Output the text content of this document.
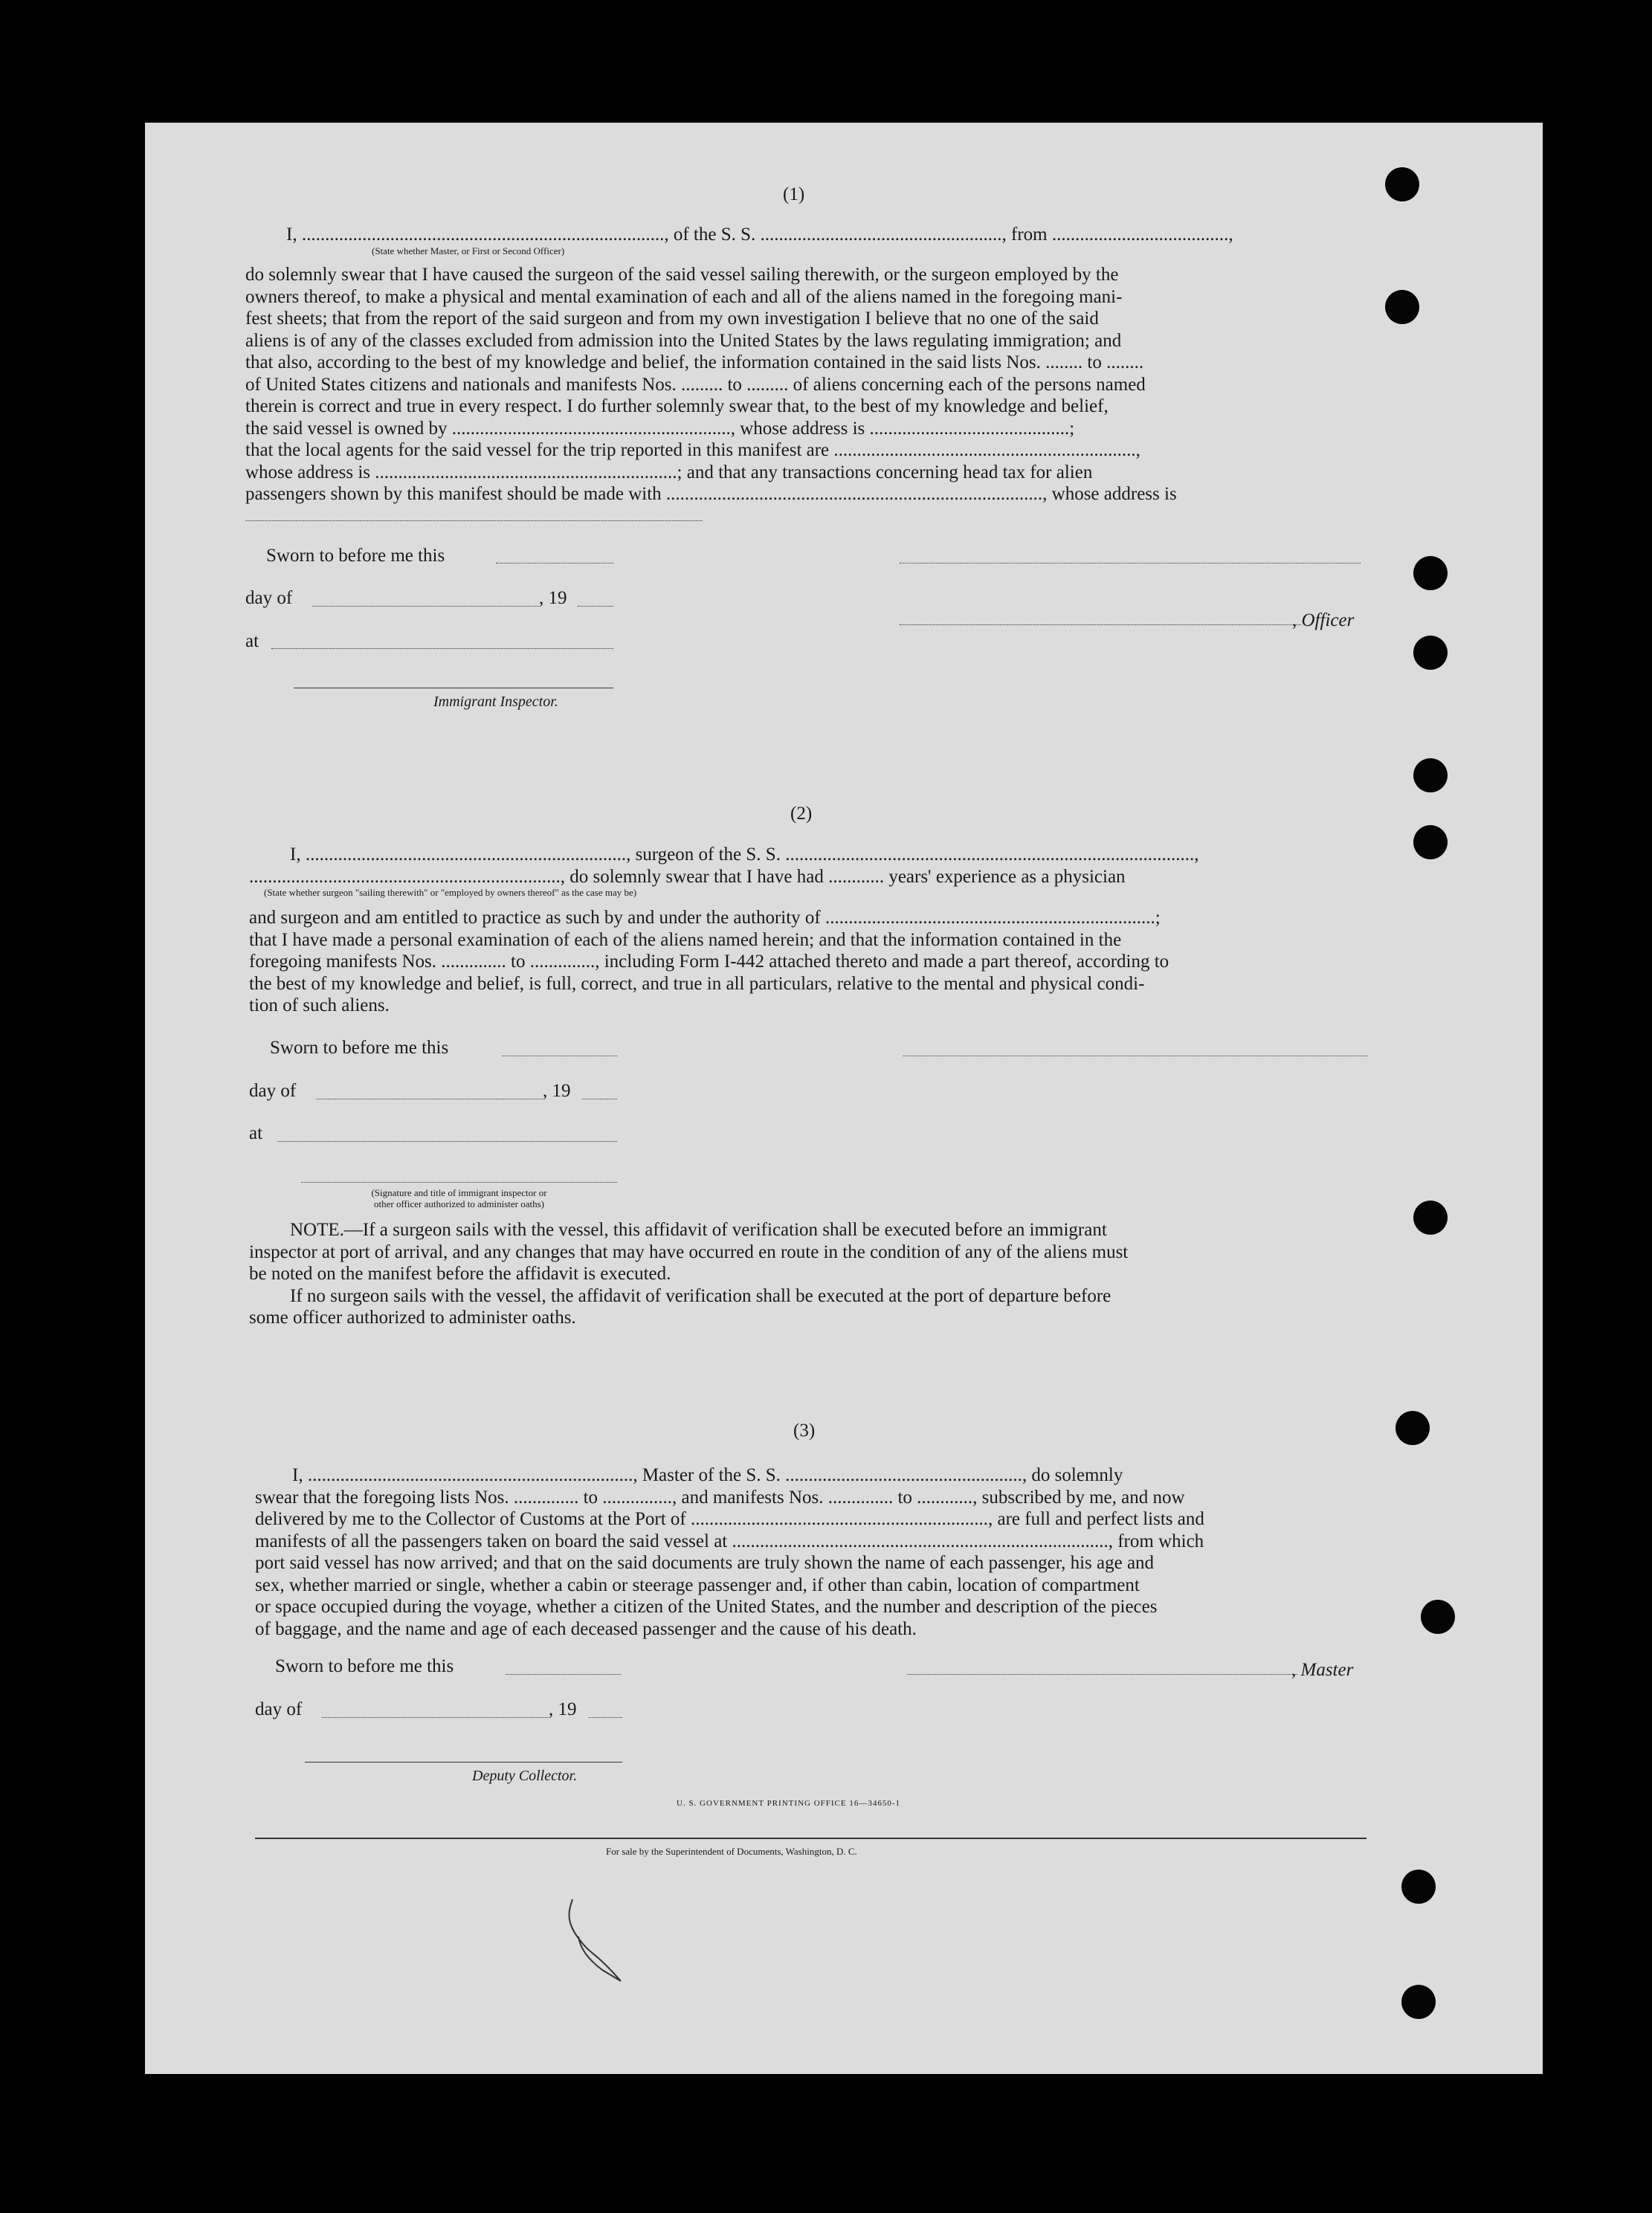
(1)
I, .............................................................................., of the S. S. ...................................................., from ......................................,
(State whether Master, or First or Second Officer)
do solemnly swear that I have caused the surgeon of the said vessel sailing therewith, or the surgeon employed by the
owners thereof, to make a physical and mental examination of each and all of the aliens named in the foregoing mani-
fest sheets; that from the report of the said surgeon and from my own investigation I believe that no one of the said
aliens is of any of the classes excluded from admission into the United States by the laws regulating immigration; and
that also, according to the best of my knowledge and belief, the information contained in the said lists Nos. ........ to ........
of United States citizens and nationals and manifests Nos. ......... to ......... of aliens concerning each of the persons named
therein is correct and true in every respect. I do further solemnly swear that, to the best of my knowledge and belief,
the said vessel is owned by ............................................................, whose address is ...........................................;
that the local agents for the said vessel for the trip reported in this manifest are .................................................................,
whose address is .................................................................; and that any transactions concerning head tax for alien
passengers shown by this manifest should be made with ................................................................................., whose address is
Sworn to before me this
day of	, 19
, Officer
at
Immigrant Inspector.
(2)
I, ....................................................................., surgeon of the S. S. ........................................................................................,
..................................................................., do solemnly swear that I have had ............ years' experience as a physician
(State whether surgeon "sailing therewith" or "employed by owners thereof" as the case may be)
and surgeon and am entitled to practice as such by and under the authority of .......................................................................;
that I have made a personal examination of each of the aliens named herein; and that the information contained in the
foregoing manifests Nos. .............. to .............., including Form I-442 attached thereto and made a part thereof, according to
the best of my knowledge and belief, is full, correct, and true in all particulars, relative to the mental and physical condi-
tion of such aliens.
Sworn to before me this
day of	, 19
at
(Signature and title of immigrant inspector or
other officer authorized to administer oaths)
NOTE.—If a surgeon sails with the vessel, this affidavit of verification shall be executed before an immigrant
inspector at port of arrival, and any changes that may have occurred en route in the condition of any of the aliens must
be noted on the manifest before the affidavit is executed.
If no surgeon sails with the vessel, the affidavit of verification shall be executed at the port of departure before
some officer authorized to administer oaths.
(3)
I, ......................................................................, Master of the S. S. ..................................................., do solemnly
swear that the foregoing lists Nos. .............. to ..............., and manifests Nos. .............. to ............, subscribed by me, and now
delivered by me to the Collector of Customs at the Port of ................................................................, are full and perfect lists and
manifests of all the passengers taken on board the said vessel at ................................................................................., from which
port said vessel has now arrived; and that on the said documents are truly shown the name of each passenger, his age and
sex, whether married or single, whether a cabin or steerage passenger and, if other than cabin, location of compartment
or space occupied during the voyage, whether a citizen of the United States, and the number and description of the pieces
of baggage, and the name and age of each deceased passenger and the cause of his death.
Sworn to before me this	, Master
day of	, 19
Deputy Collector.
U. S. GOVERNMENT PRINTING OFFICE 16—34650-1
For sale by the Superintendent of Documents, Washington, D. C.
